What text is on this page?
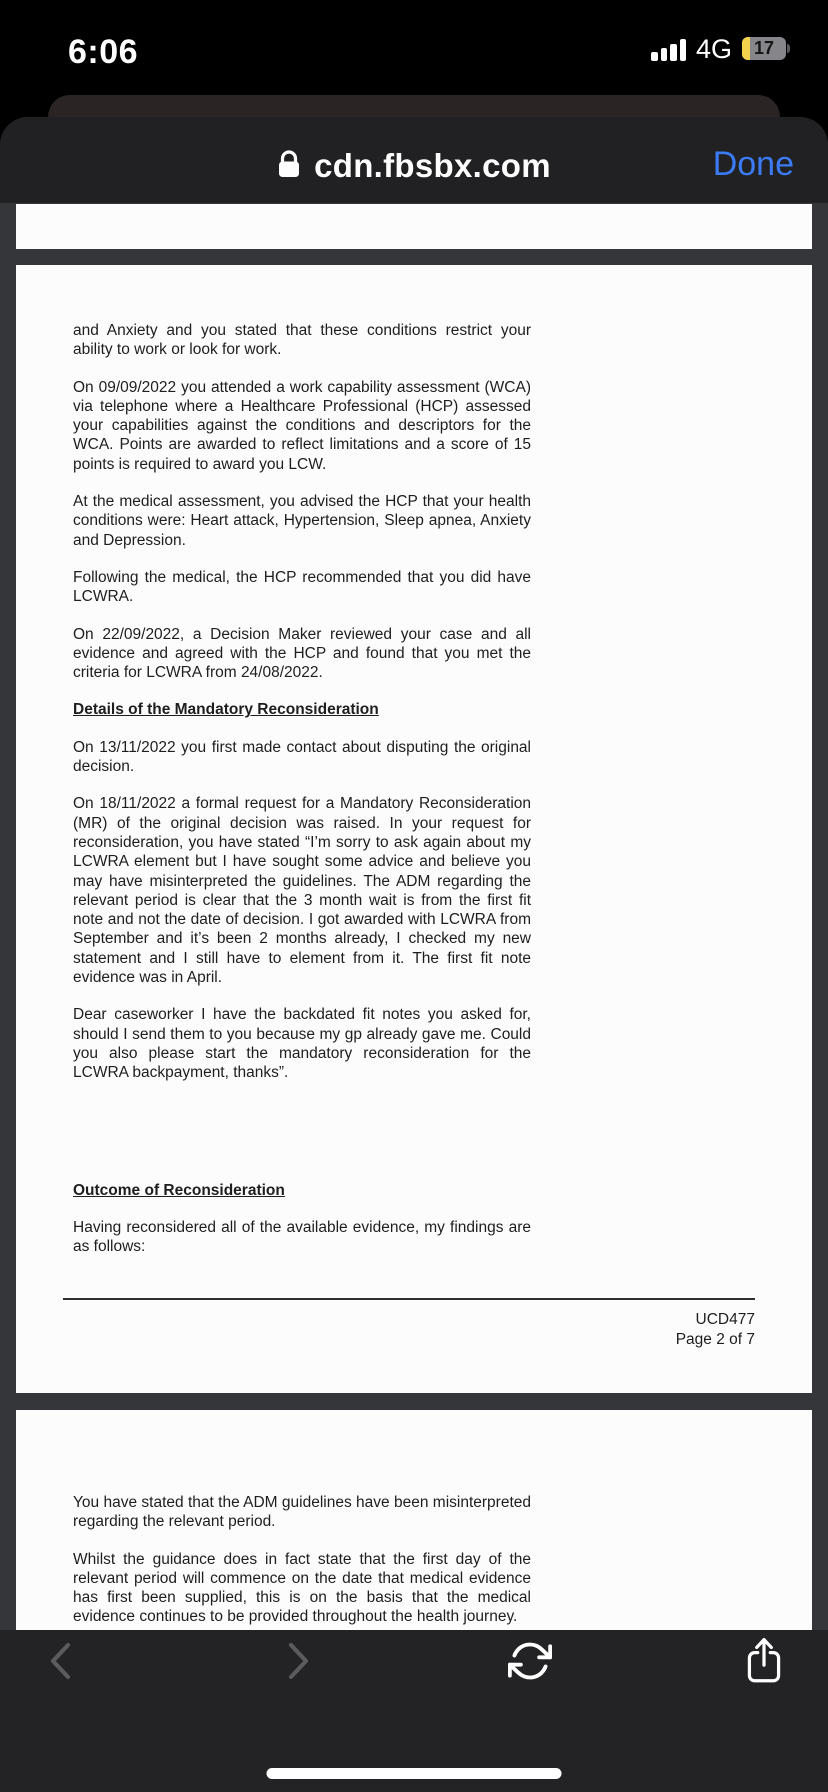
6:06	4G	17
cdn.fbsbx.com	Done

and Anxiety and you stated that these conditions restrict your ability to work or look for work.

On 09/09/2022 you attended a work capability assessment (WCA) via telephone where a Healthcare Professional (HCP) assessed your capabilities against the conditions and descriptors for the WCA. Points are awarded to reflect limitations and a score of 15 points is required to award you LCW.

At the medical assessment, you advised the HCP that your health conditions were: Heart attack, Hypertension, Sleep apnea, Anxiety and Depression.

Following the medical, the HCP recommended that you did have LCWRA.

On 22/09/2022, a Decision Maker reviewed your case and all evidence and agreed with the HCP and found that you met the criteria for LCWRA from 24/08/2022.

Details of the Mandatory Reconsideration

On 13/11/2022 you first made contact about disputing the original decision.

On 18/11/2022 a formal request for a Mandatory Reconsideration (MR) of the original decision was raised. In your request for reconsideration, you have stated “I’m sorry to ask again about my LCWRA element but I have sought some advice and believe you may have misinterpreted the guidelines. The ADM regarding the relevant period is clear that the 3 month wait is from the first fit note and not the date of decision. I got awarded with LCWRA from September and it’s been 2 months already, I checked my new statement and I still have to element from it. The first fit note evidence was in April.

Dear caseworker I have the backdated fit notes you asked for, should I send them to you because my gp already gave me. Could you also please start the mandatory reconsideration for the LCWRA backpayment, thanks”.

Outcome of Reconsideration

Having reconsidered all of the available evidence, my findings are as follows:

UCD477
Page 2 of 7

You have stated that the ADM guidelines have been misinterpreted regarding the relevant period.

Whilst the guidance does in fact state that the first day of the relevant period will commence on the date that medical evidence has first been supplied, this is on the basis that the medical evidence continues to be provided throughout the health journey.
